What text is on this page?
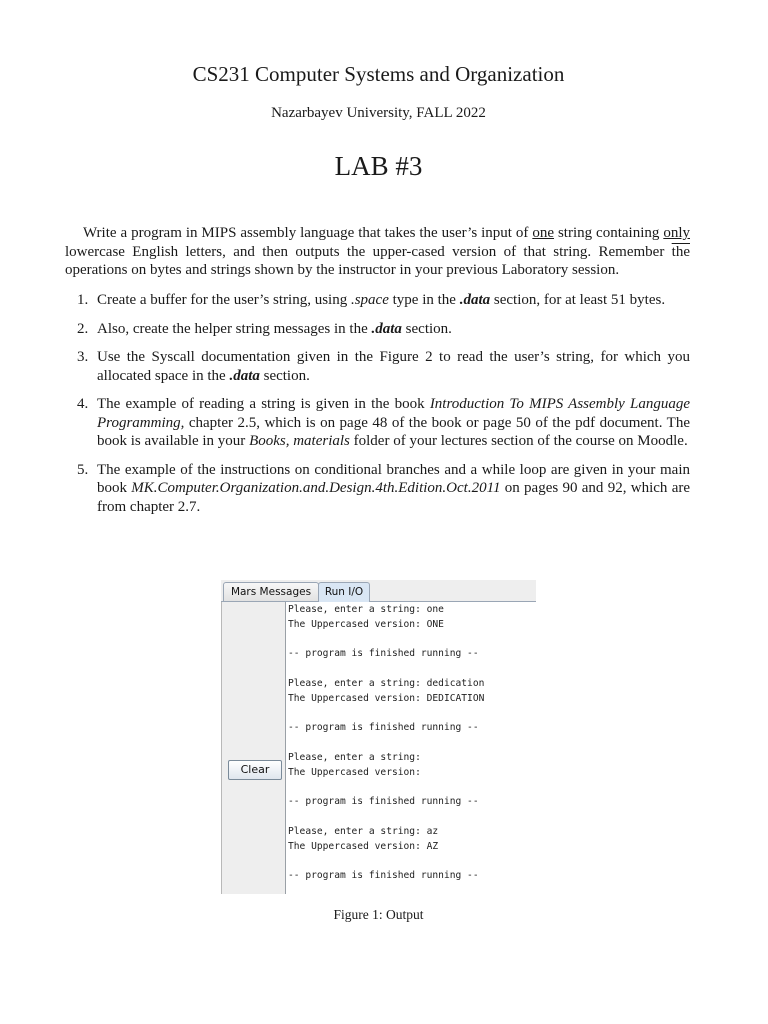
CS231 Computer Systems and Organization
Nazarbayev University, FALL 2022
LAB #3

Write a program in MIPS assembly language that takes the user’s input of one string containing only lowercase English letters, and then outputs the upper-cased version of that string. Remember $\overline{the}$ operations on bytes and strings shown by the instructor in your previous Laboratory session.

1. Create a buffer for the user’s string, using .space type in the .data section, for at least 51 bytes.
2. Also, create the helper string messages in the .data section.
3. Use the Syscall documentation given in the Figure 2 to read the user’s string, for which you allocated space in the .data section.
4. The example of reading a string is given in the book Introduction To MIPS Assembly Language Programming, chapter 2.5, which is on page 48 of the book or page 50 of the pdf document. The book is available in your Books, materials folder of your lectures section of the course on Moodle.
5. The example of the instructions on conditional branches and a while loop are given in your main book MK.Computer.Organization.and.Design.4th.Edition.Oct.2011 on pages 90 and 92, which are from chapter 2.7.
Mars Messages	Run I/O
Clear
Please, enter a string: one
The Uppercased version: ONE
-- program is finished running --
Please, enter a string: dedication
The Uppercased version: DEDICATION
-- program is finished running --
Please, enter a string:
The Uppercased version:
-- program is finished running --
Please, enter a string: az
The Uppercased version: AZ
-- program is finished running --
Figure 1: Output
